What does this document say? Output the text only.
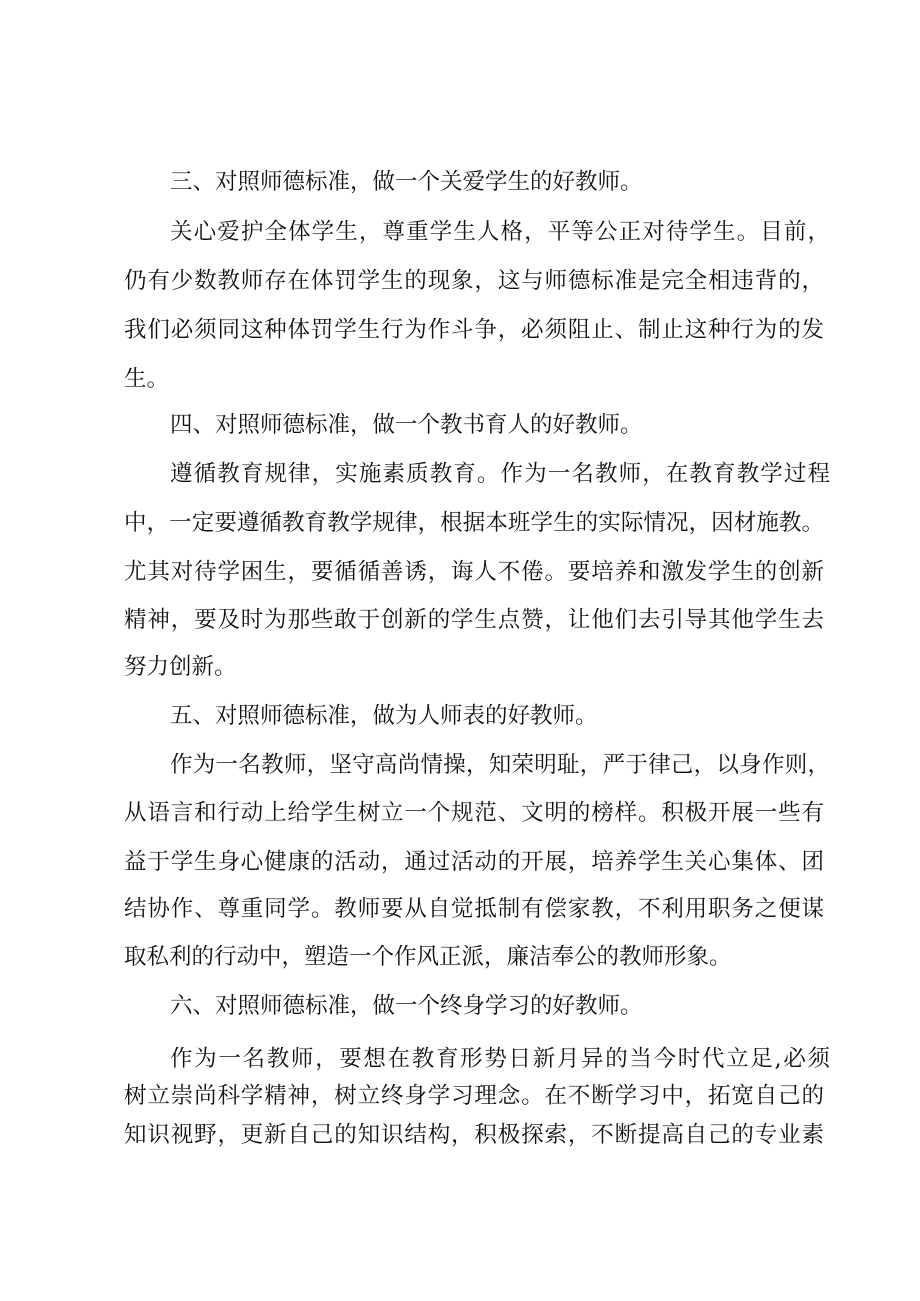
三、对照师德标准，做一个关爱学生的好教师。
关心爱护全体学生，尊重学生人格，平等公正对待学生。目前，
仍有少数教师存在体罚学生的现象，这与师德标准是完全相违背的，
我们必须同这种体罚学生行为作斗争，必须阻止、制止这种行为的发
生。
四、对照师德标准，做一个教书育人的好教师。
遵循教育规律，实施素质教育。作为一名教师，在教育教学过程
中，一定要遵循教育教学规律，根据本班学生的实际情况，因材施教。
尤其对待学困生，要循循善诱，诲人不倦。要培养和激发学生的创新
精神，要及时为那些敢于创新的学生点赞，让他们去引导其他学生去
努力创新。
五、对照师德标准，做为人师表的好教师。
作为一名教师，坚守高尚情操，知荣明耻，严于律己，以身作则，
从语言和行动上给学生树立一个规范、文明的榜样。积极开展一些有
益于学生身心健康的活动，通过活动的开展，培养学生关心集体、团
结协作、尊重同学。教师要从自觉抵制有偿家教，不利用职务之便谋
取私利的行动中，塑造一个作风正派，廉洁奉公的教师形象。
六、对照师德标准，做一个终身学习的好教师。
作为一名教师，要想在教育形势日新月异的当今时代立足,必须
树立崇尚科学精神，树立终身学习理念。在不断学习中，拓宽自己的
知识视野，更新自己的知识结构，积极探索，不断提高自己的专业素
